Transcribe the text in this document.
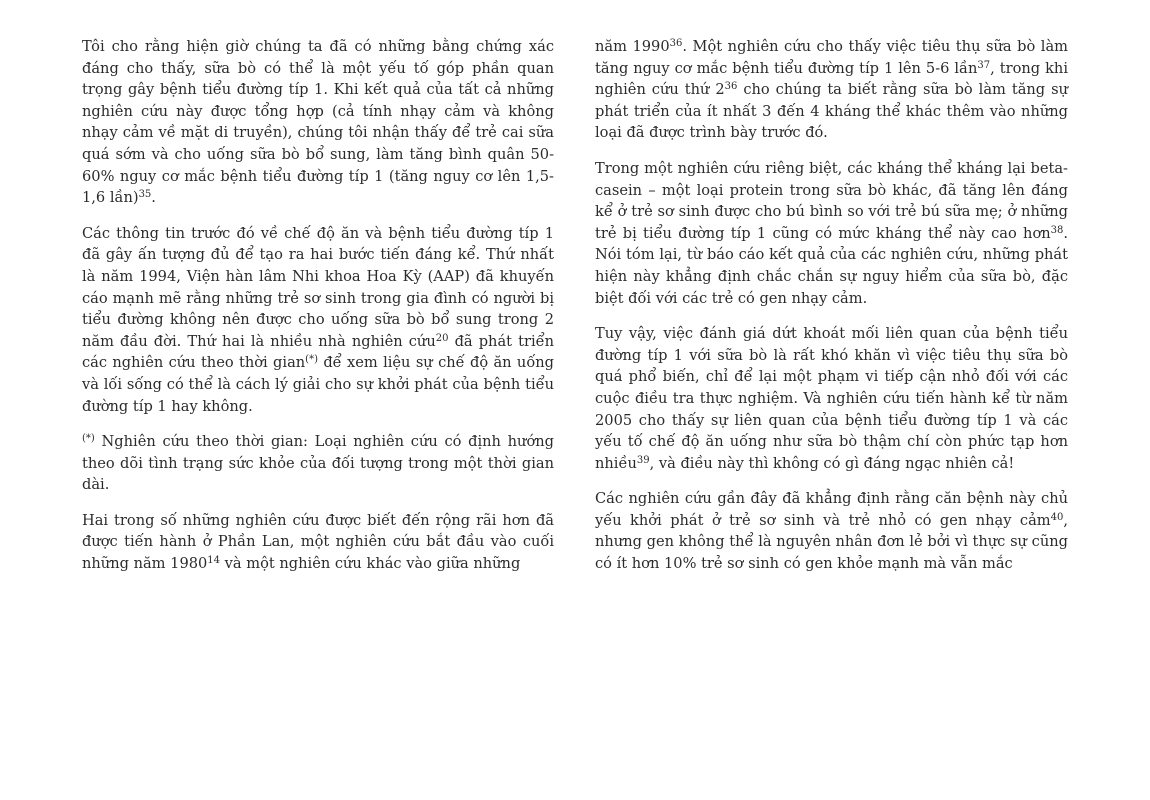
Tôi cho rằng hiện giờ chúng ta đã có những bằng chứng xác đáng cho thấy, sữa bò có thể là một yếu tố góp phần quan trọng gây bệnh tiểu đường típ 1. Khi kết quả của tất cả những nghiên cứu này được tổng hợp (cả tính nhạy cảm và không nhạy cảm về mặt di truyền), chúng tôi nhận thấy để trẻ cai sữa quá sớm và cho uống sữa bò bổ sung, làm tăng bình quân 50-60% nguy cơ mắc bệnh tiểu đường típ 1 (tăng nguy cơ lên 1,5-1,6 lần)$^{35}$.

Các thông tin trước đó về chế độ ăn và bệnh tiểu đường típ 1 đã gây ấn tượng đủ để tạo ra hai bước tiến đáng kể. Thứ nhất là năm 1994, Viện hàn lâm Nhi khoa Hoa Kỳ (AAP) đã khuyến cáo mạnh mẽ rằng những trẻ sơ sinh trong gia đình có người bị tiểu đường không nên được cho uống sữa bò bổ sung trong 2 năm đầu đời. Thứ hai là nhiều nhà nghiên cứu$^{20}$ đã phát triển các nghiên cứu theo thời gian(*) để xem liệu sự chế độ ăn uống và lối sống có thể là cách lý giải cho sự khởi phát của bệnh tiểu đường típ 1 hay không.

(*) Nghiên cứu theo thời gian: Loại nghiên cứu có định hướng theo dõi tình trạng sức khỏe của đối tượng trong một thời gian dài.

Hai trong số những nghiên cứu được biết đến rộng rãi hơn đã được tiến hành ở Phần Lan, một nghiên cứu bắt đầu vào cuối những năm 1980$^{14}$ và một nghiên cứu khác vào giữa những

năm 1990$^{36}$. Một nghiên cứu cho thấy việc tiêu thụ sữa bò làm tăng nguy cơ mắc bệnh tiểu đường típ 1 lên 5-6 lần$^{37}$, trong khi nghiên cứu thứ $2^{36}$ cho chúng ta biết rằng sữa bò làm tăng sự phát triển của ít nhất 3 đến 4 kháng thể khác thêm vào những loại đã được trình bày trước đó.

Trong một nghiên cứu riêng biệt, các kháng thể kháng lại beta-casein – một loại protein trong sữa bò khác, đã tăng lên đáng kể ở trẻ sơ sinh được cho bú bình so với trẻ bú sữa mẹ; ở những trẻ bị tiểu đường típ 1 cũng có mức kháng thể này cao hơn$^{38}$. Nói tóm lại, từ báo cáo kết quả của các nghiên cứu, những phát hiện này khẳng định chắc chắn sự nguy hiểm của sữa bò, đặc biệt đối với các trẻ có gen nhạy cảm.

Tuy vậy, việc đánh giá dứt khoát mối liên quan của bệnh tiểu đường típ 1 với sữa bò là rất khó khăn vì việc tiêu thụ sữa bò quá phổ biến, chỉ để lại một phạm vi tiếp cận nhỏ đối với các cuộc điều tra thực nghiệm. Và nghiên cứu tiến hành kể từ năm 2005 cho thấy sự liên quan của bệnh tiểu đường típ 1 và các yếu tố chế độ ăn uống như sữa bò thậm chí còn phức tạp hơn nhiều$^{39}$, và điều này thì không có gì đáng ngạc nhiên cả!

Các nghiên cứu gần đây đã khẳng định rằng căn bệnh này chủ yếu khởi phát ở trẻ sơ sinh và trẻ nhỏ có gen nhạy cảm$^{40}$, nhưng gen không thể là nguyên nhân đơn lẻ bởi vì thực sự cũng có ít hơn 10% trẻ sơ sinh có gen khỏe mạnh mà vẫn mắc
